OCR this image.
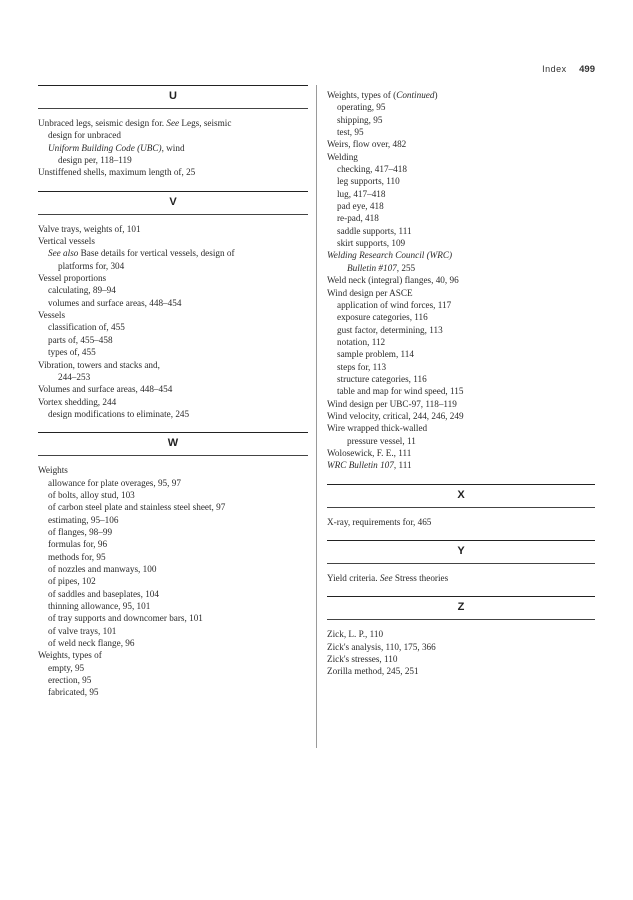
Index 499
U
Unbraced legs, seismic design for. See Legs, seismic
design for unbraced
Uniform Building Code (UBC), wind
design per, 118–119
Unstiffened shells, maximum length of, 25
V
Valve trays, weights of, 101
Vertical vessels
See also Base details for vertical vessels, design of
platforms for, 304
Vessel proportions
calculating, 89–94
volumes and surface areas, 448–454
Vessels
classification of, 455
parts of, 455–458
types of, 455
Vibration, towers and stacks and,
244–253
Volumes and surface areas, 448–454
Vortex shedding, 244
design modifications to eliminate, 245
W
Weights
allowance for plate overages, 95, 97
of bolts, alloy stud, 103
of carbon steel plate and stainless steel sheet, 97
estimating, 95–106
of flanges, 98–99
formulas for, 96
methods for, 95
of nozzles and manways, 100
of pipes, 102
of saddles and baseplates, 104
thinning allowance, 95, 101
of tray supports and downcomer bars, 101
of valve trays, 101
of weld neck flange, 96
Weights, types of
empty, 95
erection, 95
fabricated, 95
Weights, types of (Continued)
operating, 95
shipping, 95
test, 95
Weirs, flow over, 482
Welding
checking, 417–418
leg supports, 110
lug, 417–418
pad eye, 418
re-pad, 418
saddle supports, 111
skirt supports, 109
Welding Research Council (WRC)
Bulletin #107, 255
Weld neck (integral) flanges, 40, 96
Wind design per ASCE
application of wind forces, 117
exposure categories, 116
gust factor, determining, 113
notation, 112
sample problem, 114
steps for, 113
structure categories, 116
table and map for wind speed, 115
Wind design per UBC-97, 118–119
Wind velocity, critical, 244, 246, 249
Wire wrapped thick-walled
pressure vessel, 11
Wolosewick, F. E., 111
WRC Bulletin 107, 111
X
X-ray, requirements for, 465
Y
Yield criteria. See Stress theories
Z
Zick, L. P., 110
Zick's analysis, 110, 175, 366
Zick's stresses, 110
Zorilla method, 245, 251
